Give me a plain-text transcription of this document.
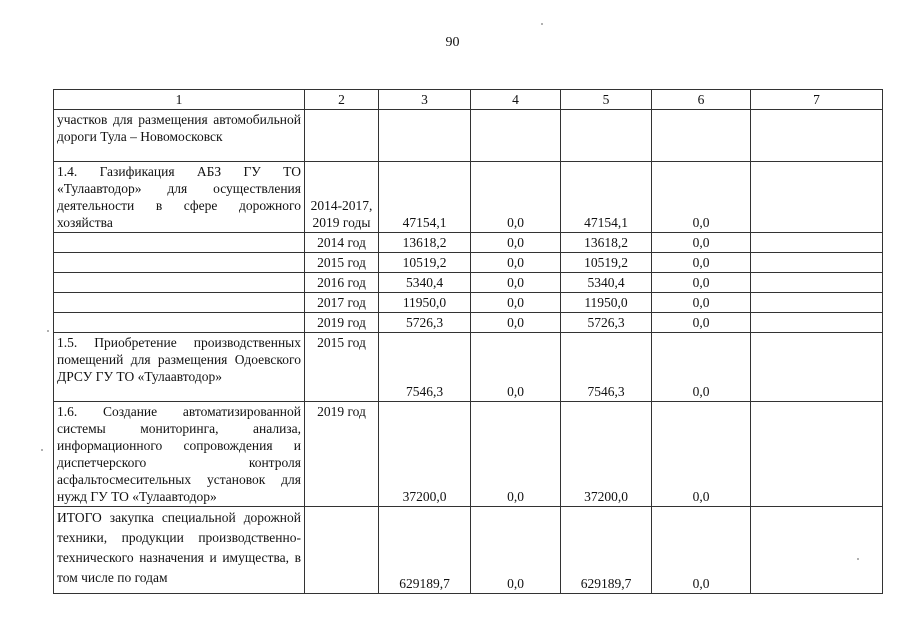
90
1	2	3	4	5	6	7
участков для размещения автомобильной дороги Тула – Новомосковск						
1.4. Газификация АБЗ ГУ ТО «Тулаавтодор» для осуществления деятельности в сфере дорожного хозяйства	2014-2017, 2019 годы	47154,1	0,0	47154,1	0,0	
	2014 год	13618,2	0,0	13618,2	0,0	
	2015 год	10519,2	0,0	10519,2	0,0	
	2016 год	5340,4	0,0	5340,4	0,0	
	2017 год	11950,0	0,0	11950,0	0,0	
	2019 год	5726,3	0,0	5726,3	0,0	
1.5. Приобретение производственных помещений для размещения Одоевского ДРСУ ГУ ТО «Тулаавтодор»	2015 год	7546,3	0,0	7546,3	0,0	
1.6. Создание автоматизированной системы мониторинга, анализа, информационного сопровождения и диспетчерского контроля асфальтосмесительных установок для нужд ГУ ТО «Тулаавтодор»	2019 год	37200,0	0,0	37200,0	0,0	
ИТОГО закупка специальной дорожной техники, продукции производственно-технического назначения и имущества, в том числе по годам		629189,7	0,0	629189,7	0,0	
